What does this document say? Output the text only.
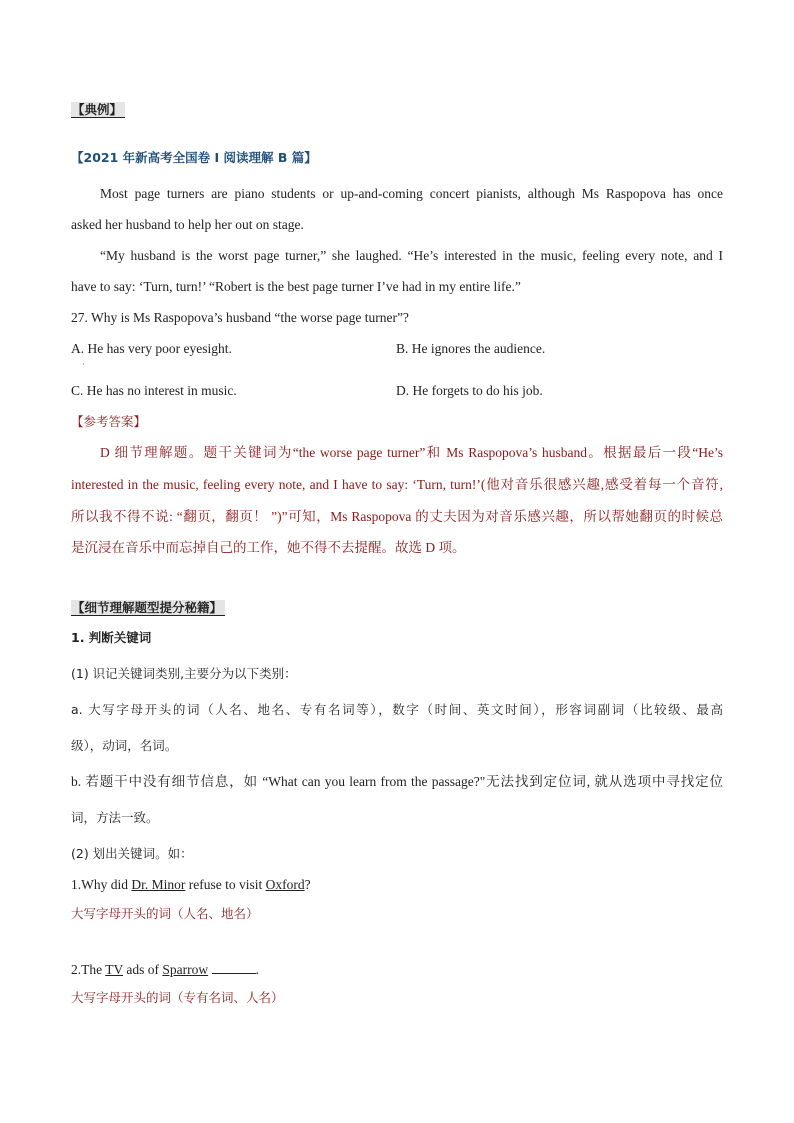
【典例】
【2021 年新高考全国卷 I 阅读理解 B 篇】
Most page turners are piano students or up-and-coming concert pianists, although Ms Raspopova has once
asked her husband to help her out on stage.
“My husband is the worst page turner,” she laughed. “He’s interested in the music, feeling every note, and I
have to say: ‘Turn, turn!’ “Robert is the best page turner I’ve had in my entire life.”
27. Why is Ms Raspopova’s husband “the worse page turner”?
A. He has very poor eyesight.
·
B. He ignores the audience.
C. He has no interest in music.	D. He forgets to do his job.
【参考答案】
D 细节理解题。题干关键词为“the worse page turner”和 Ms Raspopova’s husband。根据最后一段“He’s
interested in the music, feeling every note, and I have to say: ‘Turn, turn!’(他对音乐很感兴趣,感受着每一个音符,
所以我不得不说: “翻页，翻页！ ”)”可知，Ms Raspopova 的丈夫因为对音乐感兴趣，所以帮她翻页的时候总
是沉浸在音乐中而忘掉自己的工作，她不得不去提醒。故选 D 项。
【细节理解题型提分秘籍】
1. 判断关键词
(1) 识记关键词类别,主要分为以下类别：
a. 大写字母开头的词（人名、地名、专有名词等），数字（时间、英文时间），形容词副词（比较级、最高
级），动词，名词。
b. 若题干中没有细节信息，如 “What can you learn from the passage?"无法找到定位词, 就从选项中寻找定位
词，方法一致。
(2) 划出关键词。如：
1.Why did Dr. Minor refuse to visit Oxford?
大写字母开头的词（人名、地名）
2.The TV ads of Sparrow	.
大写字母开头的词（专有名词、人名）
